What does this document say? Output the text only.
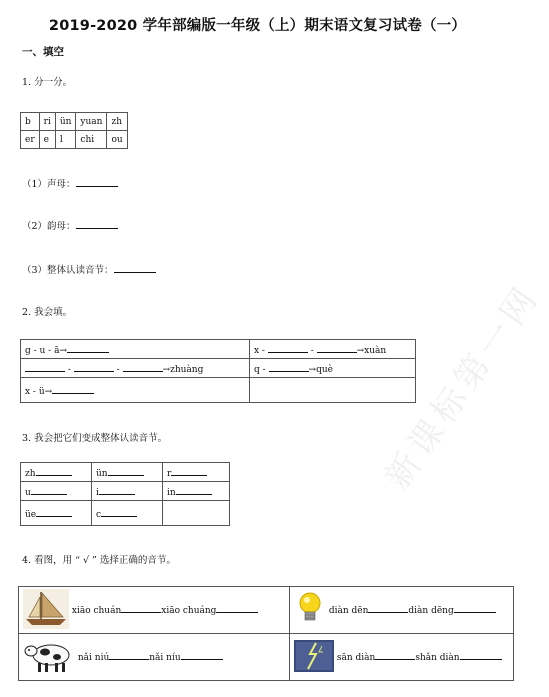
2019-2020 学年部编版一年级（上）期末语文复习试卷（一）
一、填空
1. 分一分。
b	ri	ün	yuan	zh
er	e	l	chi	ou
（1）声母：
（2）韵母：
（3）整体认读音节：
2. 我会填。
g - u - ā→	x - - →xuàn
- - →zhuàng	q - →què
x - ü→	
3. 我会把它们变成整体认读音节。
zh	ün	r
u	i	in
üe	c	
4. 看图，用 “ √ ” 选择正确的音节。
xiāo chuán xiāo chuáng	diàn dēn diàn dēng
nǎi niú nǎi níu	sān diàn shǎn diàn
新课标第一网
